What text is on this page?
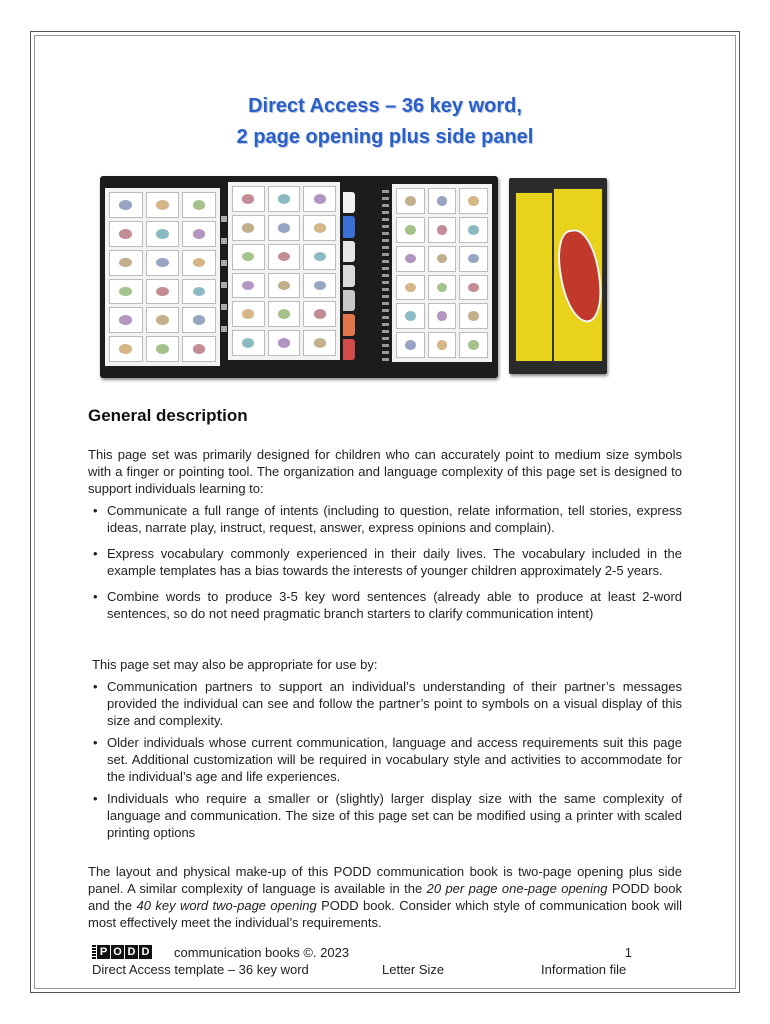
Direct Access – 36 key word,
2 page opening plus side panel
General description

This page set was primarily designed for children who can accurately point to medium size symbols with a finger or pointing tool. The organization and language complexity of this page set is designed to support individuals learning to:

• Communicate a full range of intents (including to question, relate information, tell stories, express ideas, narrate play, instruct, request, answer, express opinions and complain).
• Express vocabulary commonly experienced in their daily lives. The vocabulary included in the example templates has a bias towards the interests of younger children approximately 2-5 years.
• Combine words to produce 3-5 key word sentences (already able to produce at least 2-word sentences, so do not need pragmatic branch starters to clarify communication intent)

This page set may also be appropriate for use by:

• Communication partners to support an individual’s understanding of their partner’s messages provided the individual can see and follow the partner’s point to symbols on a visual display of this size and complexity.
• Older individuals whose current communication, language and access requirements suit this page set. Additional customization will be required in vocabulary style and activities to accommodate for the individual’s age and life experiences.
• Individuals who require a smaller or (slightly) larger display size with the same complexity of language and communication. The size of this page set can be modified using a printer with scaled printing options

The layout and physical make-up of this PODD communication book is two-page opening plus side panel. A similar complexity of language is available in the 20 per page one-page opening PODD book and the 40 key word two-page opening PODD book. Consider which style of communication book will most effectively meet the individual’s requirements.

P O D D communication books ©. 2023	1
Direct Access template – 36 key word	Letter Size	Information file
